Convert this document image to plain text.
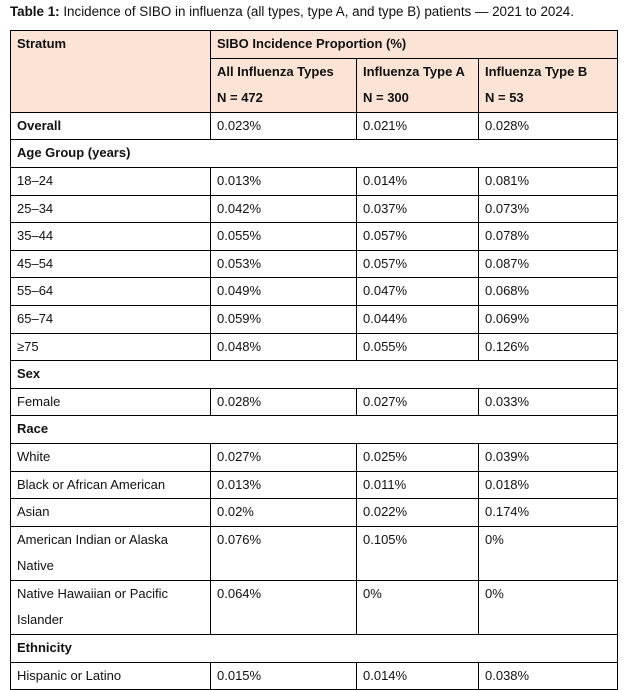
Table 1: Incidence of SIBO in influenza (all types, type A, and type B) patients — 2021 to 2024.
Stratum	SIBO Incidence Proportion (%)		
	All Influenza Types	Influenza Type A	Influenza Type B
	N = 472	N = 300	N = 53
Overall	0.023%	0.021%	0.028%
Age Group (years)			
18–24	0.013%	0.014%	0.081%
25–34	0.042%	0.037%	0.073%
35–44	0.055%	0.057%	0.078%
45–54	0.053%	0.057%	0.087%
55–64	0.049%	0.047%	0.068%
65–74	0.059%	0.044%	0.069%
≥75	0.048%	0.055%	0.126%
Sex			
Female	0.028%	0.027%	0.033%
Race			
White	0.027%	0.025%	0.039%
Black or African American	0.013%	0.011%	0.018%
Asian	0.02%	0.022%	0.174%

American Indian or Alaska
Native	0.076%	0.105%	0%

Native Hawaiian or Pacific
Islander	0.064%	0%	0%
Ethnicity			
Hispanic or Latino	0.015%	0.014%	0.038%
